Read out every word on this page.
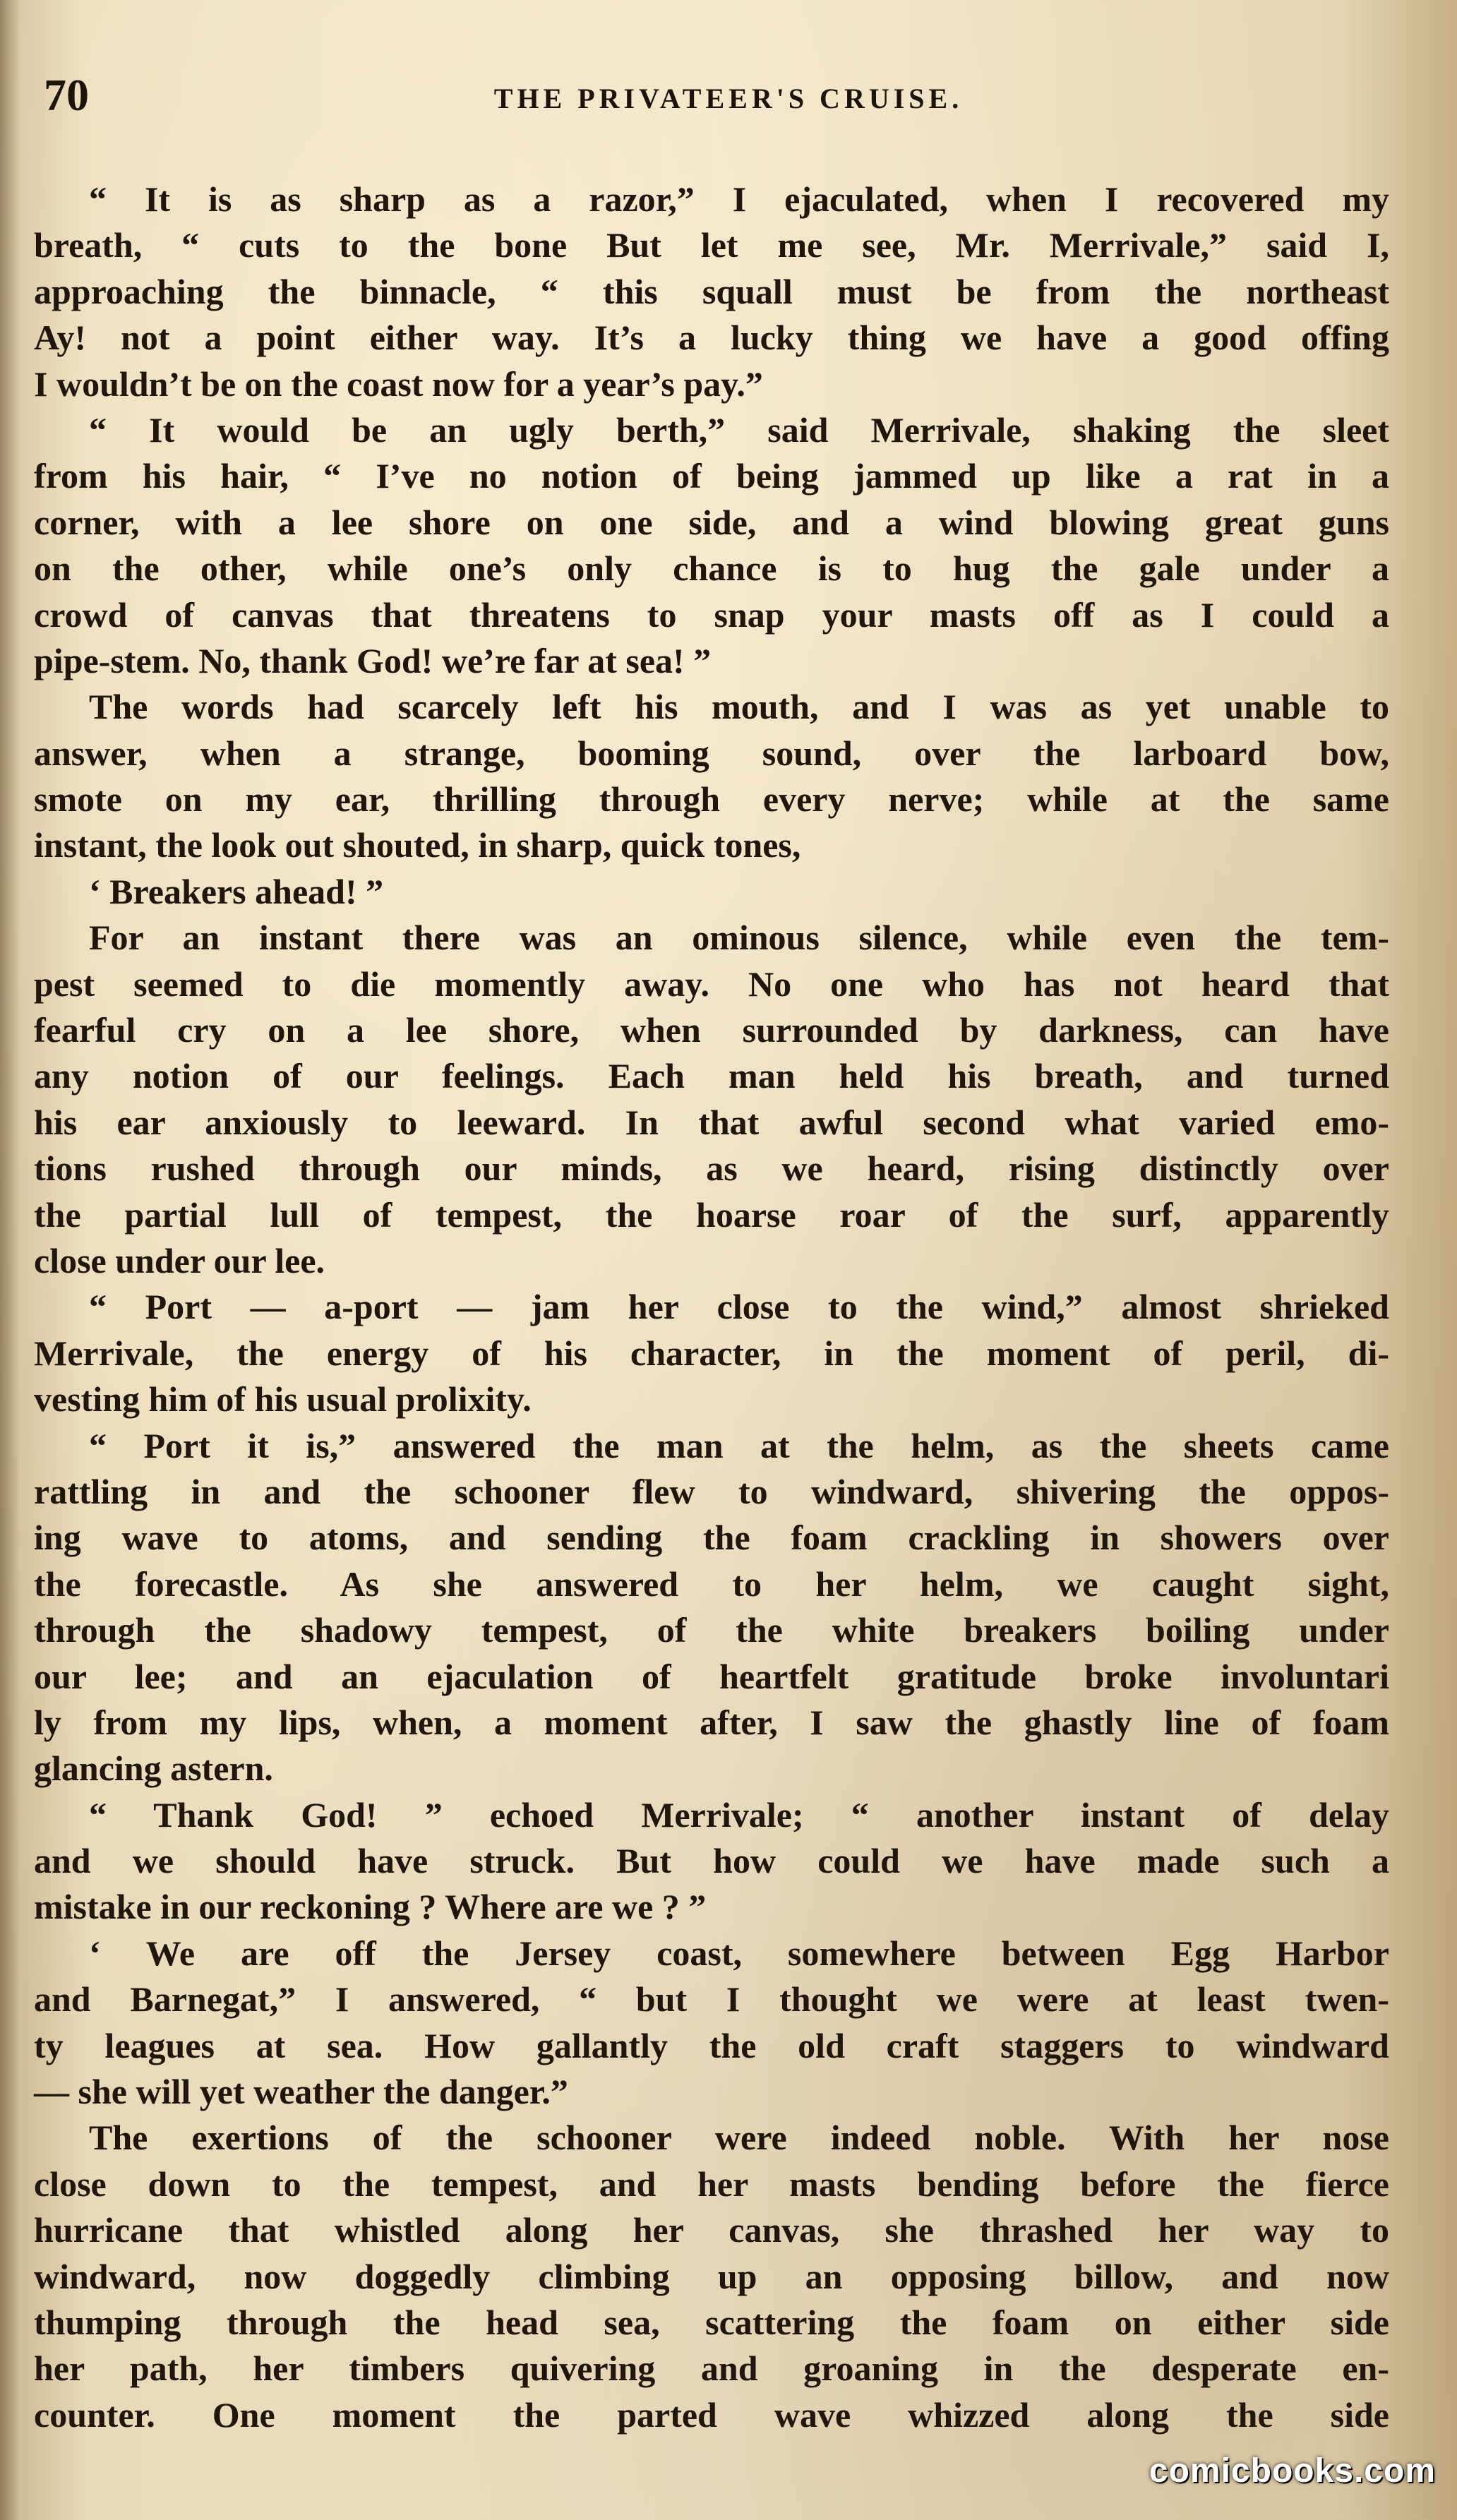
70	THE PRIVATEER'S CRUISE.
“ It is as sharp as a razor,” I ejaculated, when I recovered my
breath, “ cuts to the bone But let me see, Mr. Merrivale,” said I,
approaching the binnacle, “ this squall must be from the northeast
Ay! not a point either way. It’s a lucky thing we have a good offing
I wouldn’t be on the coast now for a year’s pay.”
“ It would be an ugly berth,” said Merrivale, shaking the sleet
from his hair, “ I’ve no notion of being jammed up like a rat in a
corner, with a lee shore on one side, and a wind blowing great guns
on the other, while one’s only chance is to hug the gale under a
crowd of canvas that threatens to snap your masts off as I could a
pipe-stem. No, thank God! we’re far at sea! ”
The words had scarcely left his mouth, and I was as yet unable to
answer, when a strange, booming sound, over the larboard bow,
smote on my ear, thrilling through every nerve; while at the same
instant, the look out shouted, in sharp, quick tones,
‘ Breakers ahead! ”
For an instant there was an ominous silence, while even the tem-
pest seemed to die momently away. No one who has not heard that
fearful cry on a lee shore, when surrounded by darkness, can have
any notion of our feelings. Each man held his breath, and turned
his ear anxiously to leeward. In that awful second what varied emo-
tions rushed through our minds, as we heard, rising distinctly over
the partial lull of tempest, the hoarse roar of the surf, apparently
close under our lee.
“ Port — a-port — jam her close to the wind,” almost shrieked
Merrivale, the energy of his character, in the moment of peril, di-
vesting him of his usual prolixity.
“ Port it is,” answered the man at the helm, as the sheets came
rattling in and the schooner flew to windward, shivering the oppos-
ing wave to atoms, and sending the foam crackling in showers over
the forecastle. As she answered to her helm, we caught sight,
through the shadowy tempest, of the white breakers boiling under
our lee; and an ejaculation of heartfelt gratitude broke involuntari
ly from my lips, when, a moment after, I saw the ghastly line of foam
glancing astern.
“ Thank God! ” echoed Merrivale; “ another instant of delay
and we should have struck. But how could we have made such a
mistake in our reckoning ? Where are we ? ”
‘ We are off the Jersey coast, somewhere between Egg Harbor
and Barnegat,” I answered, “ but I thought we were at least twen-
ty leagues at sea. How gallantly the old craft staggers to windward
— she will yet weather the danger.”
The exertions of the schooner were indeed noble. With her nose
close down to the tempest, and her masts bending before the fierce
hurricane that whistled along her canvas, she thrashed her way to
windward, now doggedly climbing up an opposing billow, and now
thumping through the head sea, scattering the foam on either side
her path, her timbers quivering and groaning in the desperate en-
counter. One moment the parted wave whizzed along the side
comicbooks.com
